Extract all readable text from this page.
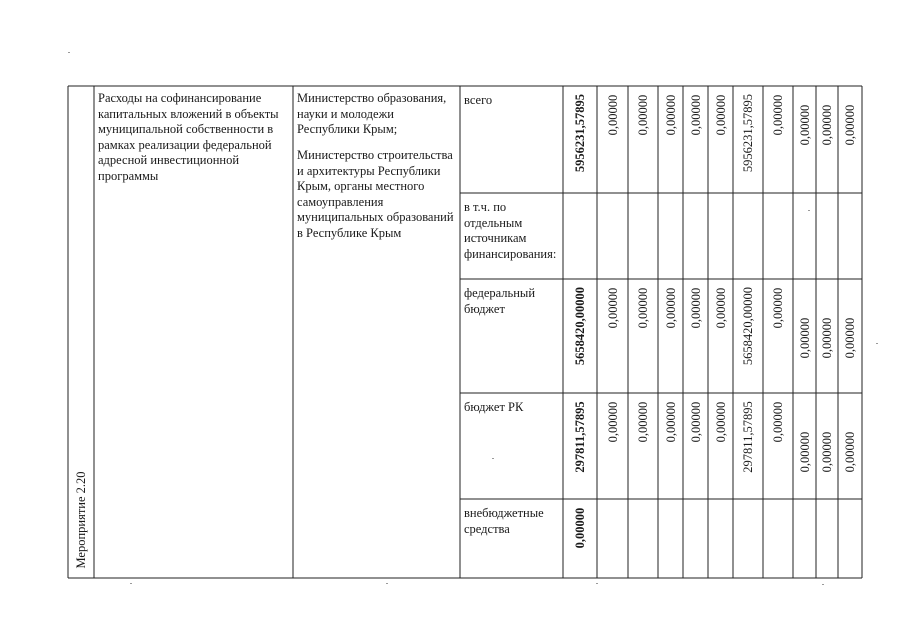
Мероприятие 2.20

Расходы на софинансирование капитальных вложений в объекты муниципальной собственности в рамках реализации федеральной адресной инвестиционной программы

Министерство образования, науки и молодежи Республики Крым;

Министерство строительства и архитектуры Республики Крым, органы местного самоуправления муниципальных образований в Республике Крым

всего

в т.ч. по отдельным источникам финансирования:

федеральный бюджет

бюджет РК

внебюджетные средства

5956231,57895 0,00000 0,00000 0,00000 0,00000 0,00000 5956231,57895 0,00000 0,00000 0,00000 0,00000
5658420,00000 0,00000 0,00000 0,00000 0,00000 0,00000 5658420,00000 0,00000
0,00000 0,00000 0,00000
297811,57895 0,00000 0,00000 0,00000 0,00000 0,00000 297811,57895 0,00000
0,00000 0,00000 0,00000
0,00000
